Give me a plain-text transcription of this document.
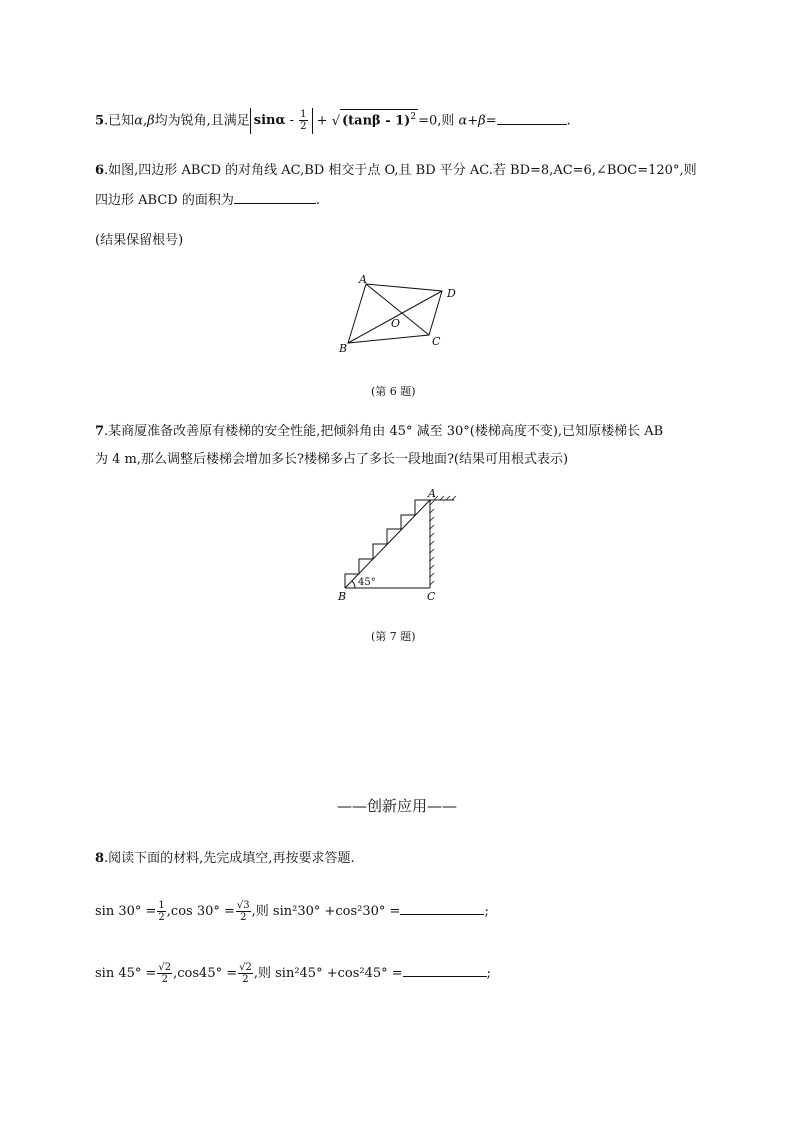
5.已知α,β均为锐角,且满足 sinα - $\frac{1}{2}$ + √ (tanβ - 1)$^2$ =0,则 α+β=	.
6.如图,四边形 ABCD 的对角线 AC,BD 相交于点 O,且 BD 平分 AC.若 BD=8,AC=6,∠BOC=120°,则
四边形 ABCD 的面积为	.
(结果保留根号)
A
D
O
B
C
(第 6 题)
7.某商厦准备改善原有楼梯的安全性能,把倾斜角由 45° 减至 30°(楼梯高度不变),已知原楼梯长 AB
为 4 m,那么调整后楼梯会增加多长?楼梯多占了多长一段地面?(结果可用根式表示)
A
B	C
45°
(第 7 题)
——创新应用——
8.阅读下面的材料,先完成填空,再按要求答题.
$\sin 30^\circ = \frac{1}{2} ,\cos$ $30^\circ = \frac{√3}{2}$ ,则 sin²30° +cos²30° =	;
$\sin 45^\circ = \frac{√2}{2} ,\cos 45^\circ = \frac{√2}{2}$ ,则 sin²45° +cos²45° =	;
